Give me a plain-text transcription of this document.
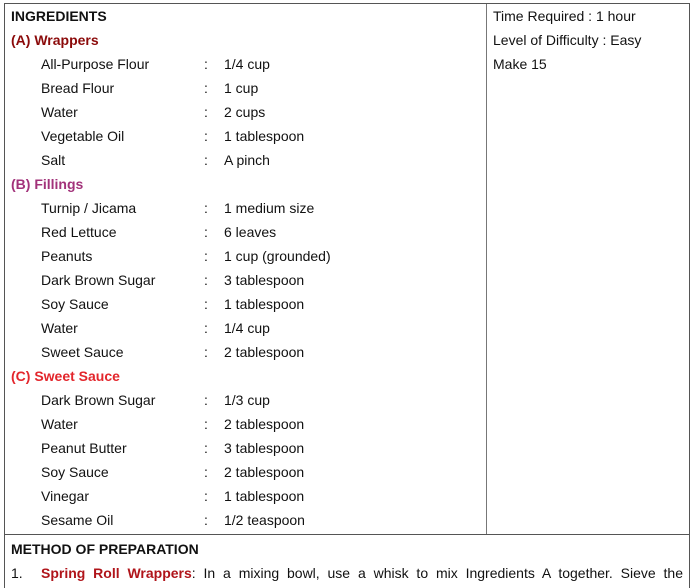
INGREDIENTS
(A) Wrappers
All-Purpose Flour	: 1/4 cup
Bread Flour	: 1 cup
Water	: 2 cups
Vegetable Oil	: 1 tablespoon
Salt	: A pinch
(B) Fillings
Turnip / Jicama	: 1 medium size
Red Lettuce	: 6 leaves
Peanuts	: 1 cup (grounded)
Dark Brown Sugar	: 3 tablespoon
Soy Sauce	: 1 tablespoon
Water	: 1/4 cup
Sweet Sauce	: 2 tablespoon
(C) Sweet Sauce
Dark Brown Sugar	: 1/3 cup
Water	: 2 tablespoon
Peanut Butter	: 3 tablespoon
Soy Sauce	: 2 tablespoon
Vinegar	: 1 tablespoon
Sesame Oil	: 1/2 teaspoon
Time Required : 1 hour
Level of Difficulty : Easy
Make 15
METHOD OF PREPARATION
1. Spring Roll Wrappers: In a mixing bowl, use a whisk to mix Ingredients A together. Sieve the
